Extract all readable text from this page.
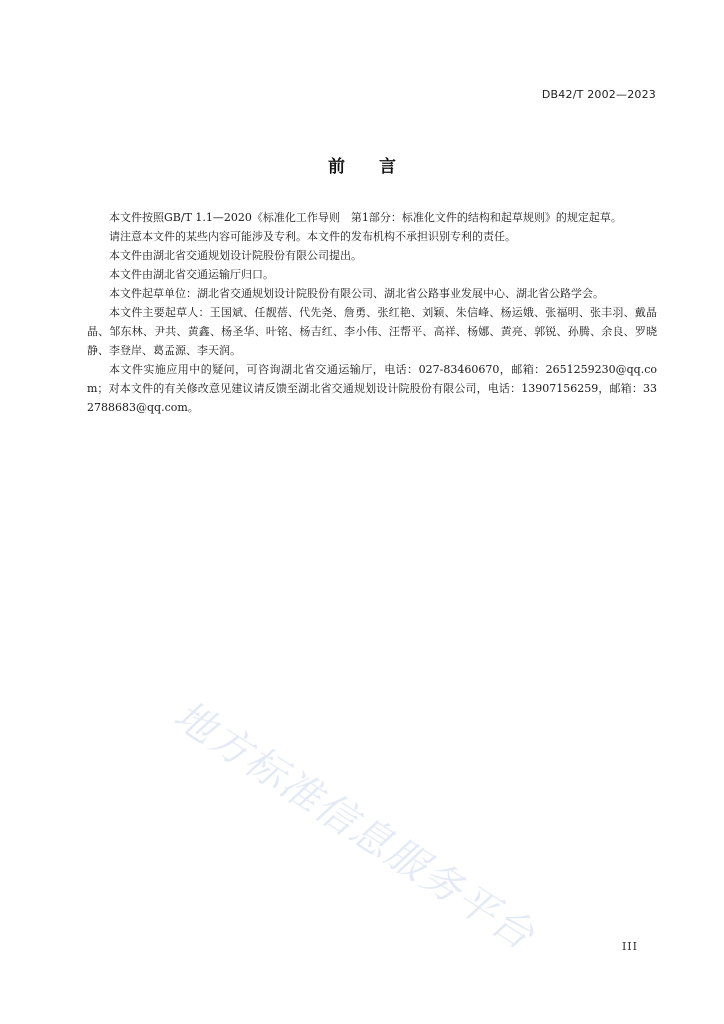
DB42/T 2002—2023
前言

本文件按照GB/T 1.1—2020《标准化工作导则　第1部分：标准化文件的结构和起草规则》的规定起草。

请注意本文件的某些内容可能涉及专利。本文件的发布机构不承担识别专利的责任。

本文件由湖北省交通规划设计院股份有限公司提出。

本文件由湖北省交通运输厅归口。

本文件起草单位：湖北省交通规划设计院股份有限公司、湖北省公路事业发展中心、湖北省公路学会。

本文件主要起草人：王国斌、任靓蓓、代先尧、詹勇、张红艳、刘颖、朱信峰、杨运娥、张福明、张丰羽、戴晶晶、邹东林、尹共、黄鑫、杨圣华、叶铭、杨吉红、李小伟、汪帮平、高祥、杨娜、黄亮、郭锐、孙腾、余良、罗晓静、李登岸、葛孟源、李天润。

本文件实施应用中的疑问，可咨询湖北省交通运输厅，电话：027-83460670，邮箱：2651259230@qq.com；对本文件的有关修改意见建议请反馈至湖北省交通规划设计院股份有限公司，电话：13907156259，邮箱：332788683@qq.com。

地方标准信息服务平台	III
